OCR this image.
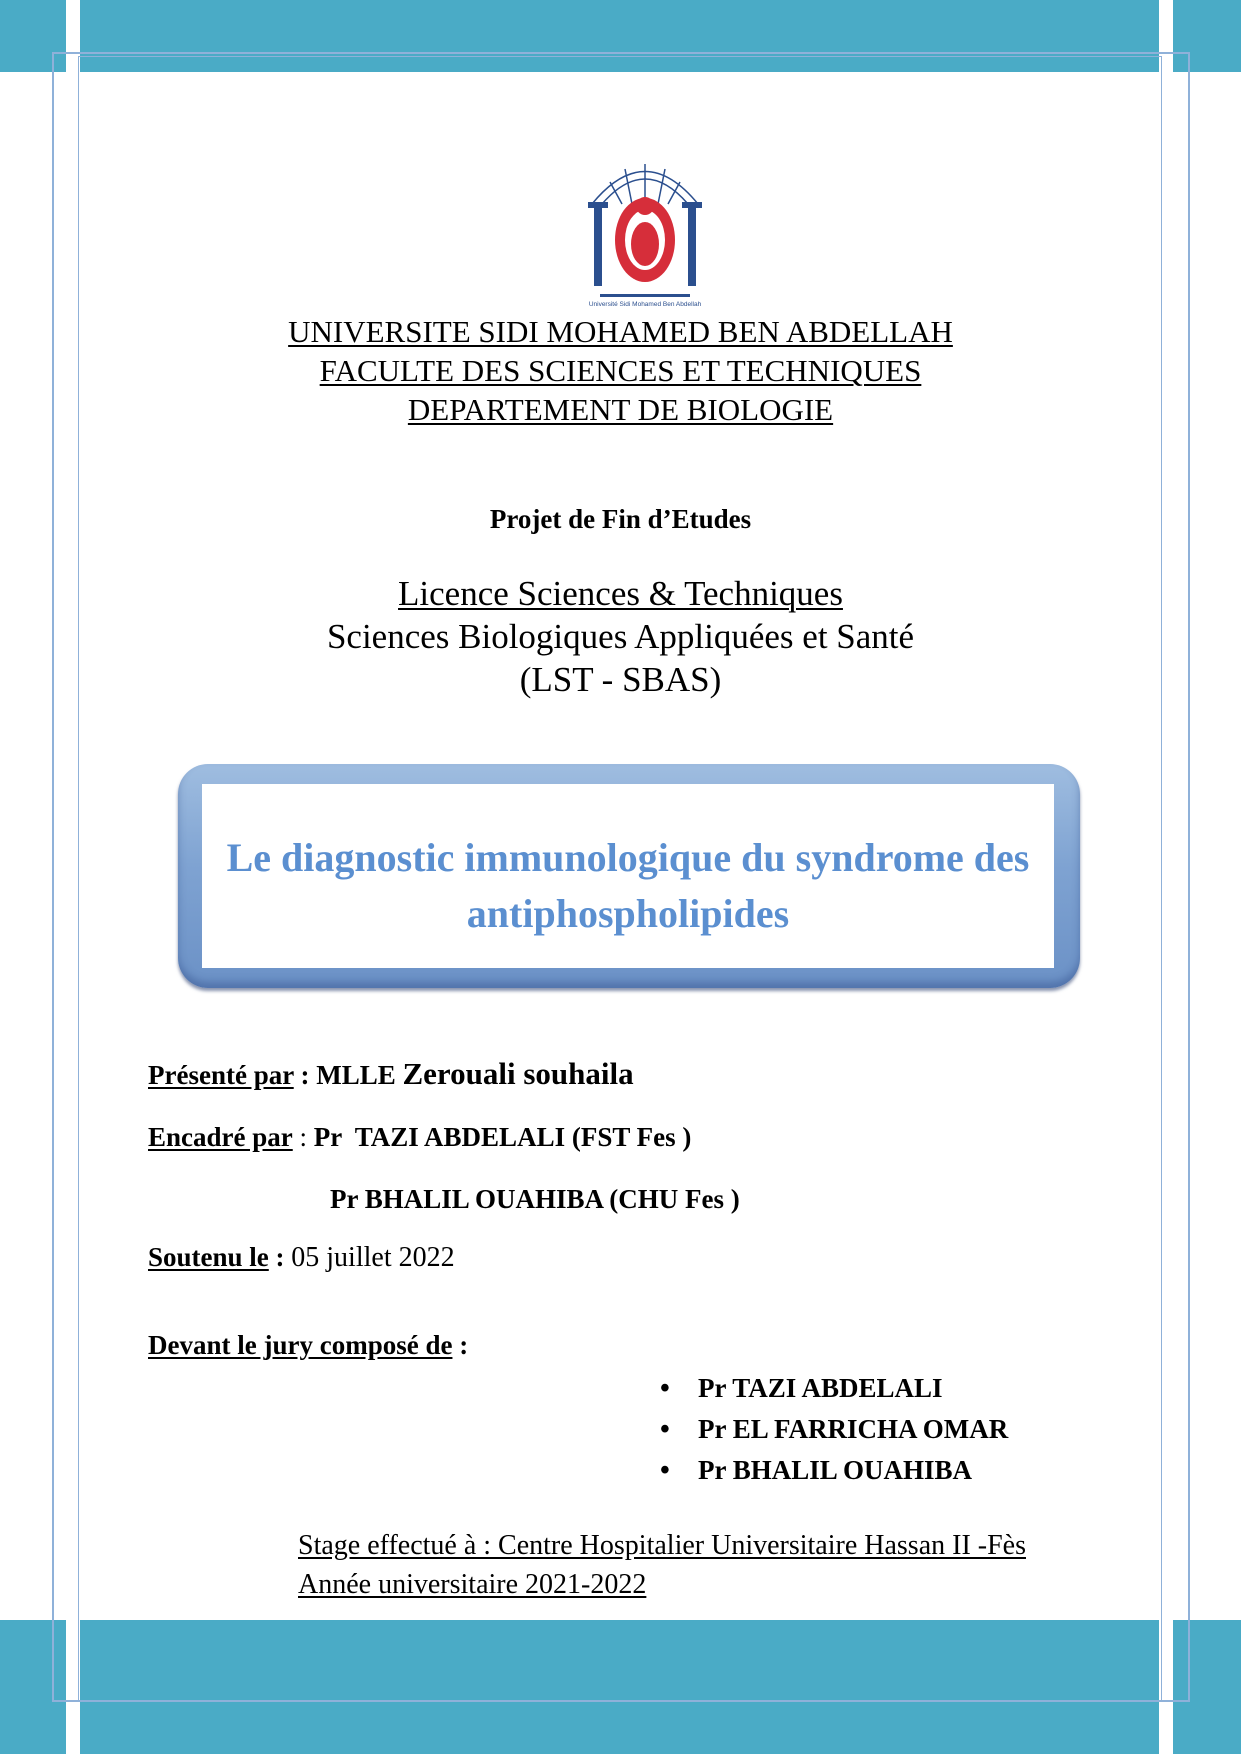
Université Sidi Mohamed Ben Abdellah
UNIVERSITE SIDI MOHAMED BEN ABDELLAH
FACULTE DES SCIENCES ET TECHNIQUES
DEPARTEMENT DE BIOLOGIE
Projet de Fin d’Etudes
Licence Sciences & Techniques
Sciences Biologiques Appliquées et Santé
(LST - SBAS)
Le diagnostic immunologique du syndrome des
antiphospholipides
Présenté par : MLLE Zerouali souhaila
Encadré par : Pr  TAZI ABDELALI (FST Fes )
Pr BHALIL OUAHIBA (CHU Fes )
Soutenu le : 05 juillet 2022
Devant le jury composé de :
• Pr TAZI ABDELALI
• Pr EL FARRICHA OMAR
• Pr BHALIL OUAHIBA
Stage effectué à : Centre Hospitalier Universitaire Hassan II -Fès
Année universitaire 2021-2022
